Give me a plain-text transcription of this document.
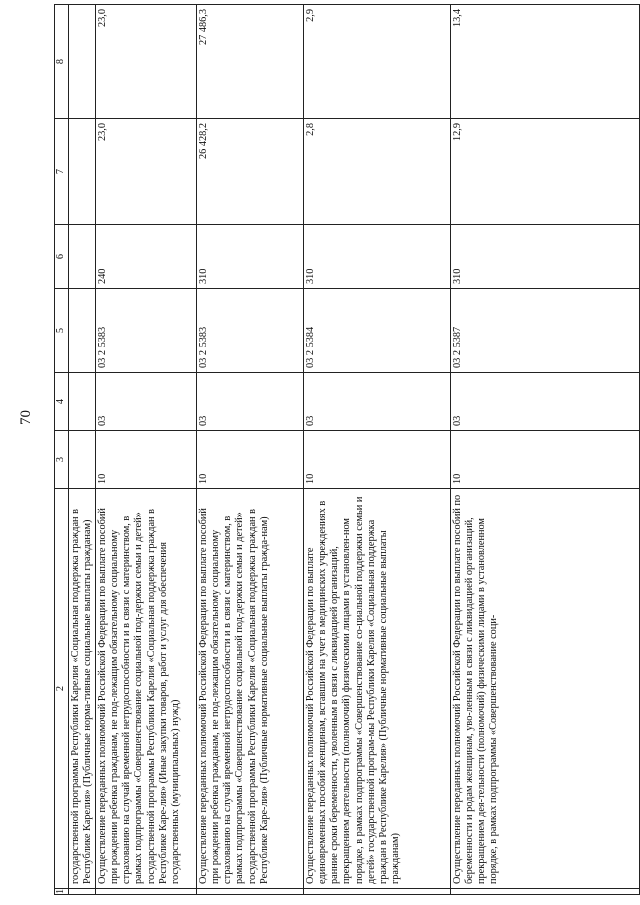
70
1	2	3	4	5	6	7	8
	государственной программы Республики Карелия «Социальная поддержка граждан в Республике Карелия» (Публичные норма-тивные социальные выплаты гражданам)						
	Осуществление переданных полномочий Российской Федерации по выплате пособий при рождении ребенка гражданам, не под-лежащим обязательному социальному страхованию на случай временной нетрудоспособности и в связи с материнством, в рамках подпрограммы «Совершенствование социальной под-держки семьи и детей» государственной программы Республики Карелия «Социальная поддержка граждан в Республике Каре-лия» (Иные закупки товаров, работ и услуг для обеспечения государственных (муниципальных) нужд)	10	03	03 2 5383	240	23,0	23,0
	Осуществление переданных полномочий Российской Федерации по выплате пособий при рождении ребенка гражданам, не под-лежащим обязательному социальному страхованию на случай временной нетрудоспособности и в связи с материнством, в рамках подпрограммы «Совершенствование социальной под-держки семьи и детей» государственной программы Республики Карелия «Социальная поддержка граждан в Республике Каре-лия» (Публичные нормативные социальные выплаты гражда-нам)	10	03	03 2 5383	310	26 428,2	27 486,3
	Осуществление переданных полномочий Российской Федерации по выплате единовременных пособий женщинам, вставшим на учет в медицинских учреждениях в ранние сроки беременности, уволенным в связи с ликвидацией организаций, прекращением деятельности (полномочий) физическими лицами в установлен-ном порядке, в рамках подпрограммы «Совершенствование со-циальной поддержки семьи и детей» государственной програм-мы Республики Карелия «Социальная поддержка граждан в Республике Карелия» (Публичные нормативные социальные выплаты гражданам)	10	03	03 2 5384	310	2,8	2,9
	Осуществление переданных полномочий Российской Федерации по выплате пособий по беременности и родам женщинам, уво-ленным в связи с ликвидацией организаций, прекращением дея-тельности (полномочий) физическими лицами в установленном порядке, в рамках подпрограммы «Совершенствование соци-	10	03	03 2 5387	310	12,9	13,4
